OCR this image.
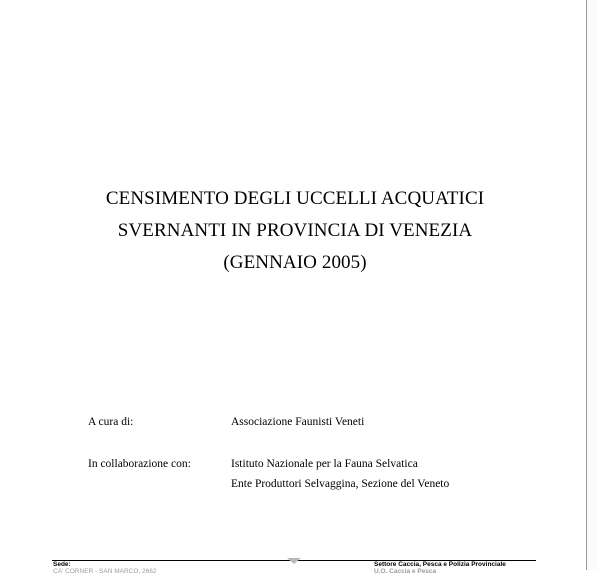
CENSIMENTO DEGLI UCCELLI ACQUATICI
SVERNANTI IN PROVINCIA DI VENEZIA
(GENNAIO 2005)
A cura di:	Associazione Faunisti Veneti
In collaborazione con:	Istituto Nazionale per la Fauna Selvatica
Ente Produttori Selvaggina, Sezione del Veneto
Sede:
CA' CORNER - SAN MARCO, 2662
Settore Caccia, Pesca e Polizia Provinciale
U.O. Caccia e Pesca
